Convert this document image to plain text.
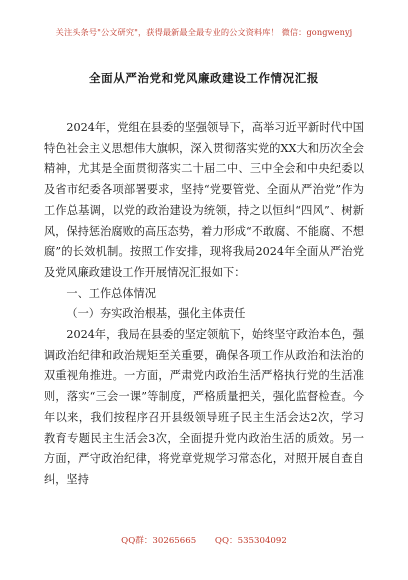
关注头条号"公文研究"，获得最新最全最专业的公文资料库！ 微信：gongwenyj
全面从严治党和党风廉政建设工作情况汇报

2024年，党组在县委的坚强领导下，高举习近平新时代中国特色社会主义思想伟大旗帜，深入贯彻落实党的XX大和历次全会精神，尤其是全面贯彻落实二十届二中、三中全会和中央纪委以及省市纪委各项部署要求，坚持“党要管党、全面从严治党”作为工作总基调，以党的政治建设为统领，持之以恒纠“四风”、树新风，保持惩治腐败的高压态势，着力形成“不敢腐、不能腐、不想腐”的长效机制。按照工作安排，现将我局2024年全面从严治党及党风廉政建设工作开展情况汇报如下：

一、工作总体情况

（一）夯实政治根基，强化主体责任

2024年，我局在县委的坚定领航下，始终坚守政治本色，强调政治纪律和政治规矩至关重要，确保各项工作从政治和法治的双重视角推进。一方面，严肃党内政治生活严格执行党的生活准则，落实“三会一课”等制度，严格质量把关，强化监督检查。今年以来，我们按程序召开县级领导班子民主生活会达2次，学习教育专题民主生活会3次，全面提升党内政治生活的质效。另一方面，严守政治纪律，将党章党规学习常态化，对照开展自查自纠，坚持

QQ群：30265665 QQ：535304092
